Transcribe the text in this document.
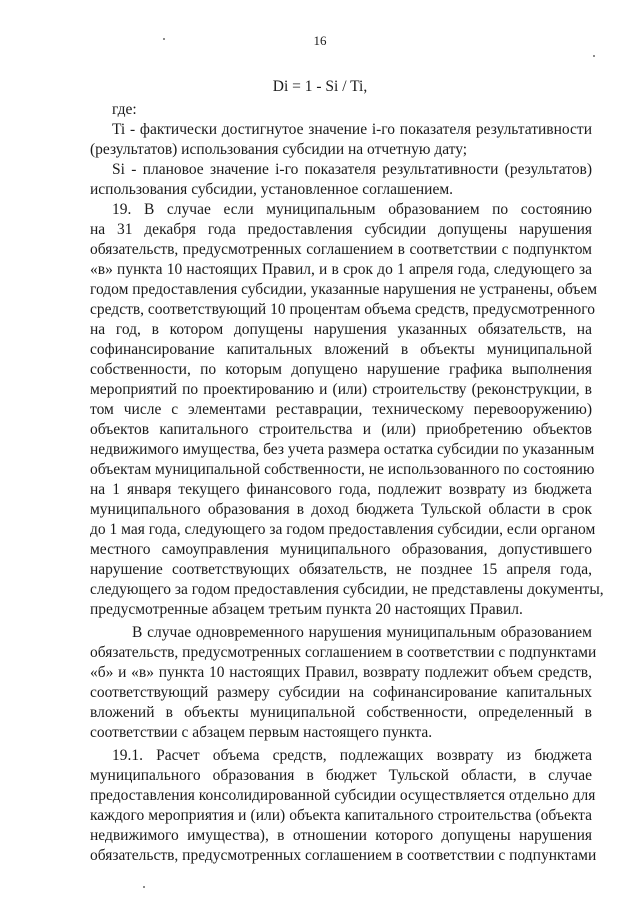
16
Di = 1 - Si / Ti,
где:
Ti - фактически достигнутое значение i-го показателя результативности
(результатов) использования субсидии на отчетную дату;
Si - плановое значение i-го показателя результативности (результатов)
использования субсидии, установленное соглашением.
19. В случае если муниципальным образованием по состоянию
на 31 декабря года предоставления субсидии допущены нарушения
обязательств, предусмотренных соглашением в соответствии с подпунктом
«в» пункта 10 настоящих Правил, и в срок до 1 апреля года, следующего за
годом предоставления субсидии, указанные нарушения не устранены, объем
средств, соответствующий 10 процентам объема средств, предусмотренного
на год, в котором допущены нарушения указанных обязательств, на
софинансирование капитальных вложений в объекты муниципальной
собственности, по которым допущено нарушение графика выполнения
мероприятий по проектированию и (или) строительству (реконструкции, в
том числе с элементами реставрации, техническому перевооружению)
объектов капитального строительства и (или) приобретению объектов
недвижимого имущества, без учета размера остатка субсидии по указанным
объектам муниципальной собственности, не использованного по состоянию
на 1 января текущего финансового года, подлежит возврату из бюджета
муниципального образования в доход бюджета Тульской области в срок
до 1 мая года, следующего за годом предоставления субсидии, если органом
местного самоуправления муниципального образования, допустившего
нарушение соответствующих обязательств, не позднее 15 апреля года,
следующего за годом предоставления субсидии, не представлены документы,
предусмотренные абзацем третьим пункта 20 настоящих Правил.
В случае одновременного нарушения муниципальным образованием
обязательств, предусмотренных соглашением в соответствии с подпунктами
«б» и «в» пункта 10 настоящих Правил, возврату подлежит объем средств,
соответствующий размеру субсидии на софинансирование капитальных
вложений в объекты муниципальной собственности, определенный в
соответствии с абзацем первым настоящего пункта.
19.1. Расчет объема средств, подлежащих возврату из бюджета
муниципального образования в бюджет Тульской области, в случае
предоставления консолидированной субсидии осуществляется отдельно для
каждого мероприятия и (или) объекта капитального строительства (объекта
недвижимого имущества), в отношении которого допущены нарушения
обязательств, предусмотренных соглашением в соответствии с подпунктами
